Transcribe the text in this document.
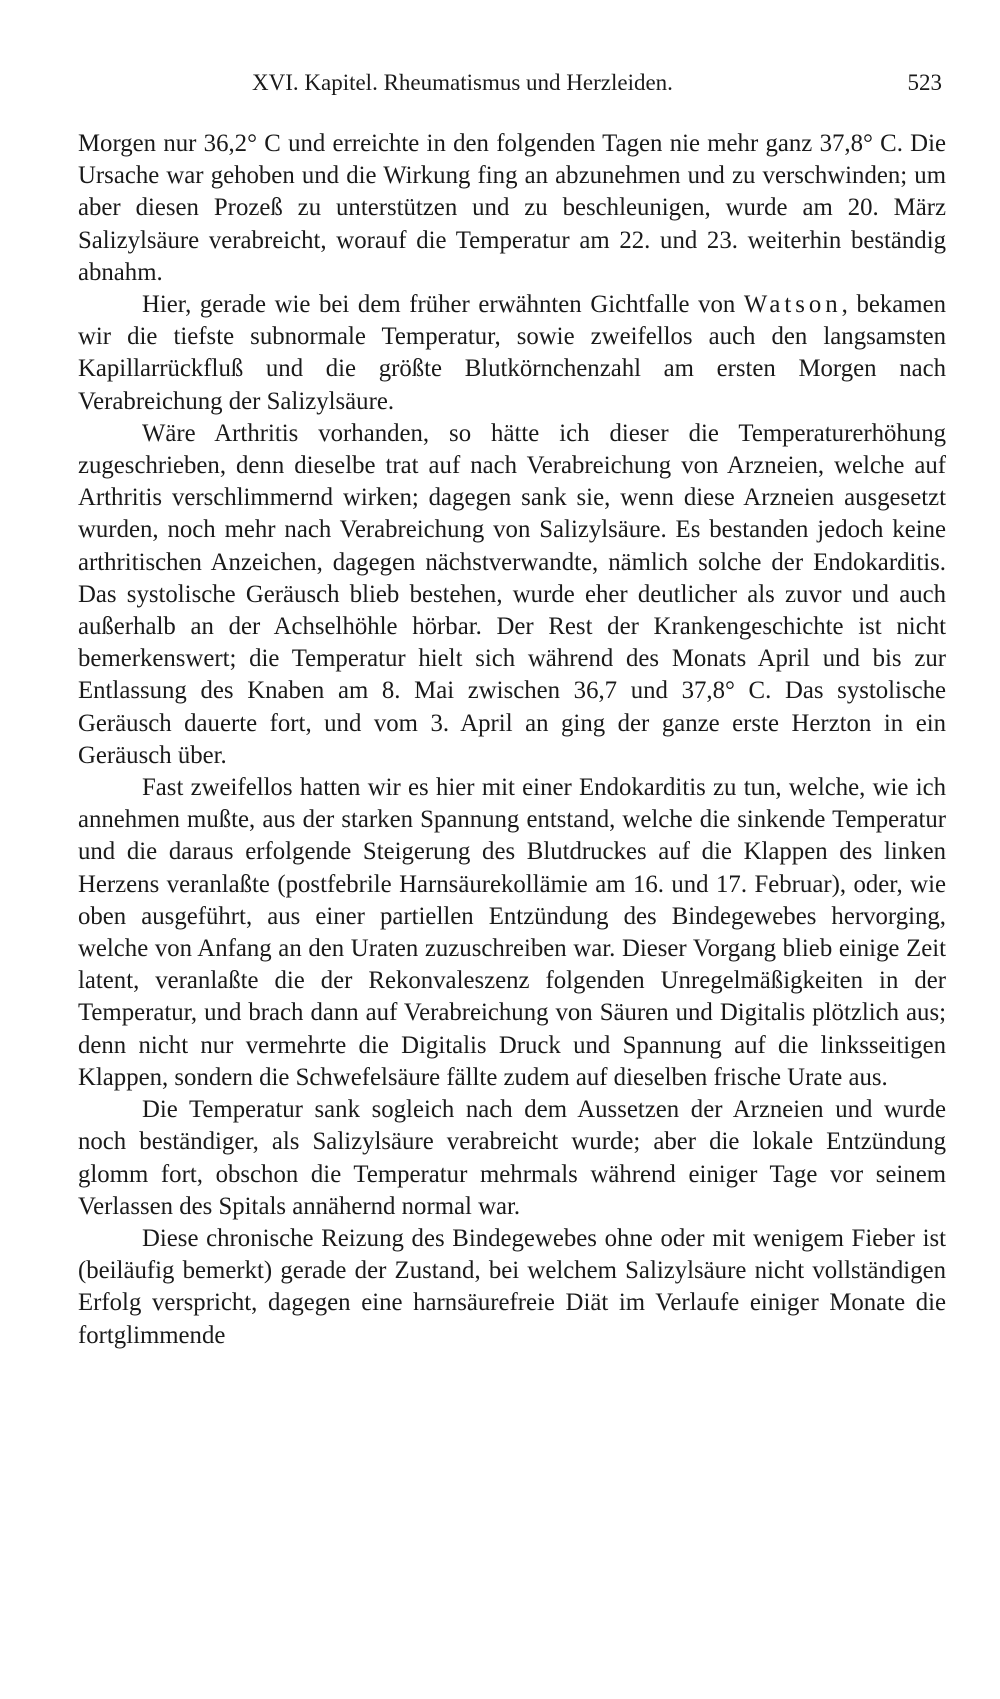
XVI. Kapitel. Rheumatismus und Herzleiden.	523

Morgen nur 36,2° C und erreichte in den folgenden Tagen nie mehr ganz 37,8° C. Die Ursache war gehoben und die Wirkung fing an abzunehmen und zu verschwinden; um aber diesen Prozeß zu unterstützen und zu beschleunigen, wurde am 20. März Salizylsäure verabreicht, worauf die Temperatur am 22. und 23. weiterhin beständig abnahm.

Hier, gerade wie bei dem früher erwähnten Gichtfalle von Watson, bekamen wir die tiefste subnormale Temperatur, sowie zweifellos auch den langsamsten Kapillarrückfluß und die größte Blutkörnchenzahl am ersten Morgen nach Verabreichung der Salizylsäure.

Wäre Arthritis vorhanden, so hätte ich dieser die Temperaturerhöhung zugeschrieben, denn dieselbe trat auf nach Verabreichung von Arzneien, welche auf Arthritis verschlimmernd wirken; dagegen sank sie, wenn diese Arzneien ausgesetzt wurden, noch mehr nach Verabreichung von Salizylsäure. Es bestanden jedoch keine arthritischen Anzeichen, dagegen nächstverwandte, nämlich solche der Endokarditis. Das systolische Geräusch blieb bestehen, wurde eher deutlicher als zuvor und auch außerhalb an der Achselhöhle hörbar. Der Rest der Krankengeschichte ist nicht bemerkenswert; die Temperatur hielt sich während des Monats April und bis zur Entlassung des Knaben am 8. Mai zwischen 36,7 und 37,8° C. Das systolische Geräusch dauerte fort, und vom 3. April an ging der ganze erste Herzton in ein Geräusch über.

Fast zweifellos hatten wir es hier mit einer Endokarditis zu tun, welche, wie ich annehmen mußte, aus der starken Spannung entstand, welche die sinkende Temperatur und die daraus erfolgende Steigerung des Blutdruckes auf die Klappen des linken Herzens veranlaßte (postfebrile Harnsäurekollämie am 16. und 17. Februar), oder, wie oben ausgeführt, aus einer partiellen Entzündung des Bindegewebes hervorging, welche von Anfang an den Uraten zuzuschreiben war. Dieser Vorgang blieb einige Zeit latent, veranlaßte die der Rekonvaleszenz folgenden Unregelmäßigkeiten in der Temperatur, und brach dann auf Verabreichung von Säuren und Digitalis plötzlich aus; denn nicht nur vermehrte die Digitalis Druck und Spannung auf die linksseitigen Klappen, sondern die Schwefelsäure fällte zudem auf dieselben frische Urate aus.

Die Temperatur sank sogleich nach dem Aussetzen der Arzneien und wurde noch beständiger, als Salizylsäure verabreicht wurde; aber die lokale Entzündung glomm fort, obschon die Temperatur mehrmals während einiger Tage vor seinem Verlassen des Spitals annähernd normal war.

Diese chronische Reizung des Bindegewebes ohne oder mit wenigem Fieber ist (beiläufig bemerkt) gerade der Zustand, bei welchem Salizylsäure nicht vollständigen Erfolg verspricht, dagegen eine harnsäurefreie Diät im Verlaufe einiger Monate die fortglimmende
